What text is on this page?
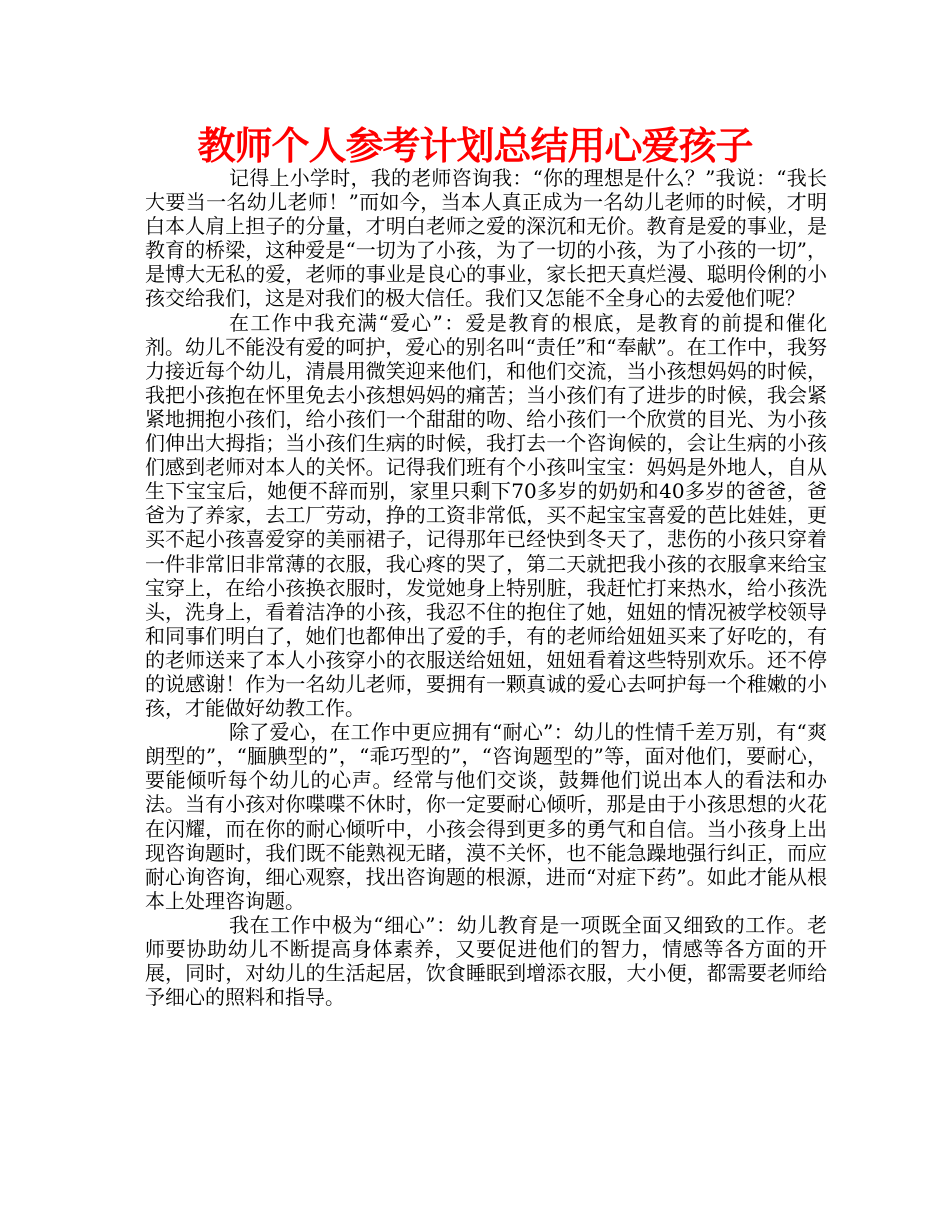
教师个人参考计划总结用心爱孩子

记得上小学时，我的老师咨询我：“你的理想是什么？”我说：“我长大要当一名幼儿老师！”而如今，当本人真正成为一名幼儿老师的时候，才明白本人肩上担子的分量，才明白老师之爱的深沉和无价。教育是爱的事业，是教育的桥梁，这种爱是“一切为了小孩，为了一切的小孩，为了小孩的一切”，是博大无私的爱，老师的事业是良心的事业，家长把天真烂漫、聪明伶俐的小孩交给我们，这是对我们的极大信任。我们又怎能不全身心的去爱他们呢？

在工作中我充满“爱心”：爱是教育的根底，是教育的前提和催化剂。幼儿不能没有爱的呵护，爱心的别名叫“责任”和“奉献”。在工作中，我努力接近每个幼儿，清晨用微笑迎来他们，和他们交流，当小孩想妈妈的时候，我把小孩抱在怀里免去小孩想妈妈的痛苦；当小孩们有了进步的时候，我会紧紧地拥抱小孩们，给小孩们一个甜甜的吻、给小孩们一个欣赏的目光、为小孩们伸出大拇指；当小孩们生病的时候，我打去一个咨询候的，会让生病的小孩们感到老师对本人的关怀。记得我们班有个小孩叫宝宝：妈妈是外地人，自从生下宝宝后，她便不辞而别，家里只剩下70多岁的奶奶和40多岁的爸爸，爸爸为了养家，去工厂劳动，挣的工资非常低，买不起宝宝喜爱的芭比娃娃，更买不起小孩喜爱穿的美丽裙子，记得那年已经快到冬天了，悲伤的小孩只穿着一件非常旧非常薄的衣服，我心疼的哭了，第二天就把我小孩的衣服拿来给宝宝穿上，在给小孩换衣服时，发觉她身上特别脏，我赶忙打来热水，给小孩洗头，洗身上，看着洁净的小孩，我忍不住的抱住了她，妞妞的情况被学校领导和同事们明白了，她们也都伸出了爱的手，有的老师给妞妞买来了好吃的，有的老师送来了本人小孩穿小的衣服送给妞妞，妞妞看着这些特别欢乐。还不停的说感谢！作为一名幼儿老师，要拥有一颗真诚的爱心去呵护每一个稚嫩的小孩，才能做好幼教工作。

除了爱心，在工作中更应拥有“耐心”：幼儿的性情千差万别，有“爽朗型的”，“腼腆型的”，“乖巧型的”，“咨询题型的”等，面对他们，要耐心，要能倾听每个幼儿的心声。经常与他们交谈，鼓舞他们说出本人的看法和办法。当有小孩对你喋喋不休时，你一定要耐心倾听，那是由于小孩思想的火花在闪耀，而在你的耐心倾听中，小孩会得到更多的勇气和自信。当小孩身上出现咨询题时，我们既不能熟视无睹，漠不关怀，也不能急躁地强行纠正，而应耐心询咨询，细心观察，找出咨询题的根源，进而“对症下药”。如此才能从根本上处理咨询题。

我在工作中极为“细心”：幼儿教育是一项既全面又细致的工作。老师要协助幼儿不断提高身体素养，又要促进他们的智力，情感等各方面的开展，同时，对幼儿的生活起居，饮食睡眠到增添衣服，大小便，都需要老师给予细心的照料和指导。
